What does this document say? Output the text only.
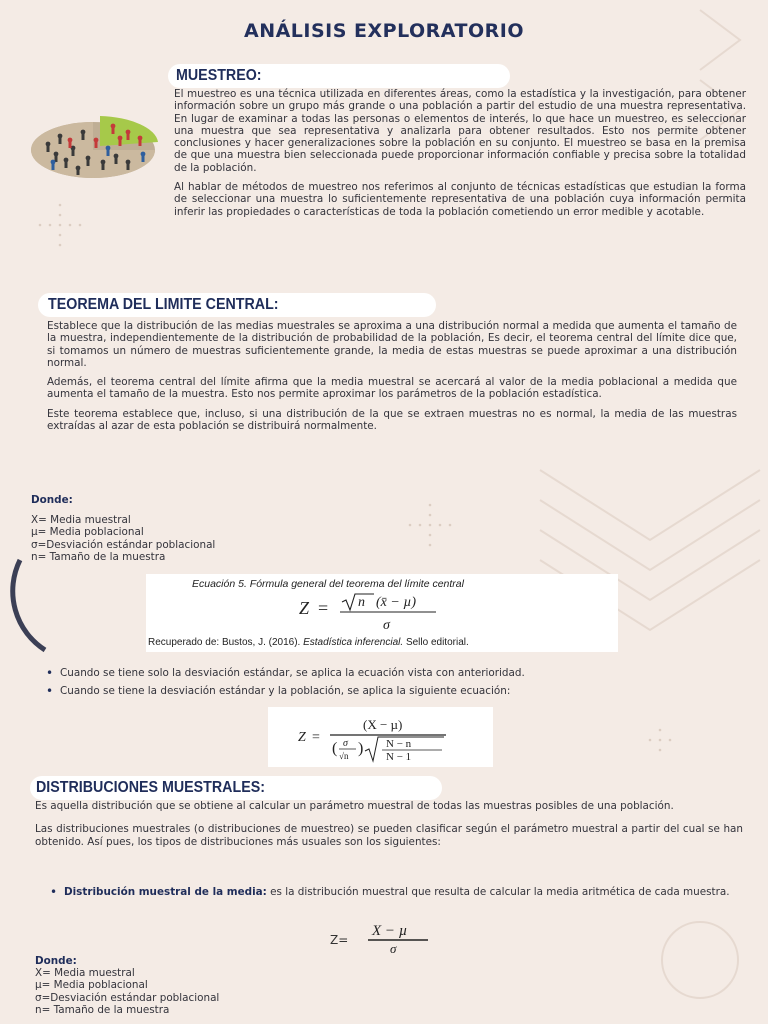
ANÁLISIS EXPLORATORIO
MUESTREO:

El muestreo es una técnica utilizada en diferentes áreas, como la estadística y la investigación, para obtener información sobre un grupo más grande o una población a partir del estudio de una muestra representativa. En lugar de examinar a todas las personas o elementos de interés, lo que hace un muestreo, es seleccionar una muestra que sea representativa y analizarla para obtener resultados. Esto nos permite obtener conclusiones y hacer generalizaciones sobre la población en su conjunto. El muestreo se basa en la premisa de que una muestra bien seleccionada puede proporcionar información confiable y precisa sobre la totalidad de la población.

Al hablar de métodos de muestreo nos referimos al conjunto de técnicas estadísticas que estudian la forma de seleccionar una muestra lo suficientemente representativa de una población cuya información permita inferir las propiedades o características de toda la población cometiendo un error medible y acotable.

TEOREMA DEL LIMITE CENTRAL:

Establece que la distribución de las medias muestrales se aproxima a una distribución normal a medida que aumenta el tamaño de la muestra, independientemente de la distribución de probabilidad de la población, Es decir, el teorema central del límite dice que, si tomamos un número de muestras suficientemente grande, la media de estas muestras se puede aproximar a una distribución normal.

Además, el teorema central del límite afirma que la media muestral se acercará al valor de la media poblacional a medida que aumenta el tamaño de la muestra. Esto nos permite aproximar los parámetros de la población estadística.

Este teorema establece que, incluso, si una distribución de la que se extraen muestras no es normal, la media de las muestras extraídas al azar de esta población se distribuirá normalmente.

Donde:
X= Media muestral
µ= Media poblacional
σ=Desviación estándar poblacional
n= Tamaño de la muestra
Ecuación 5. Fórmula general del teorema del límite central
Z = n (x̄ − µ)
σ
Recuperado de: Bustos, J. (2016). Estadística inferencial. Sello editorial.
• Cuando se tiene solo la desviación estándar, se aplica la ecuación vista con anterioridad.
• Cuando se tiene la desviación estándar y la población, se aplica la siguiente ecuación:
Z =
(X − µ)
( σ
√n ) N − n
N − 1
DISTRIBUCIONES MUESTRALES:

Es aquella distribución que se obtiene al calcular un parámetro muestral de todas las muestras posibles de una población.

Las distribuciones muestrales (o distribuciones de muestreo) se pueden clasificar según el parámetro muestral a partir del cual se han obtenido. Así pues, los tipos de distribuciones más usuales son los siguientes:

• Distribución muestral de la media: es la distribución muestral que resulta de calcular la media aritmética de cada muestra.
Z=
X − µ
σ
Donde:
X= Media muestral
µ= Media poblacional
σ=Desviación estándar poblacional
n= Tamaño de la muestra
